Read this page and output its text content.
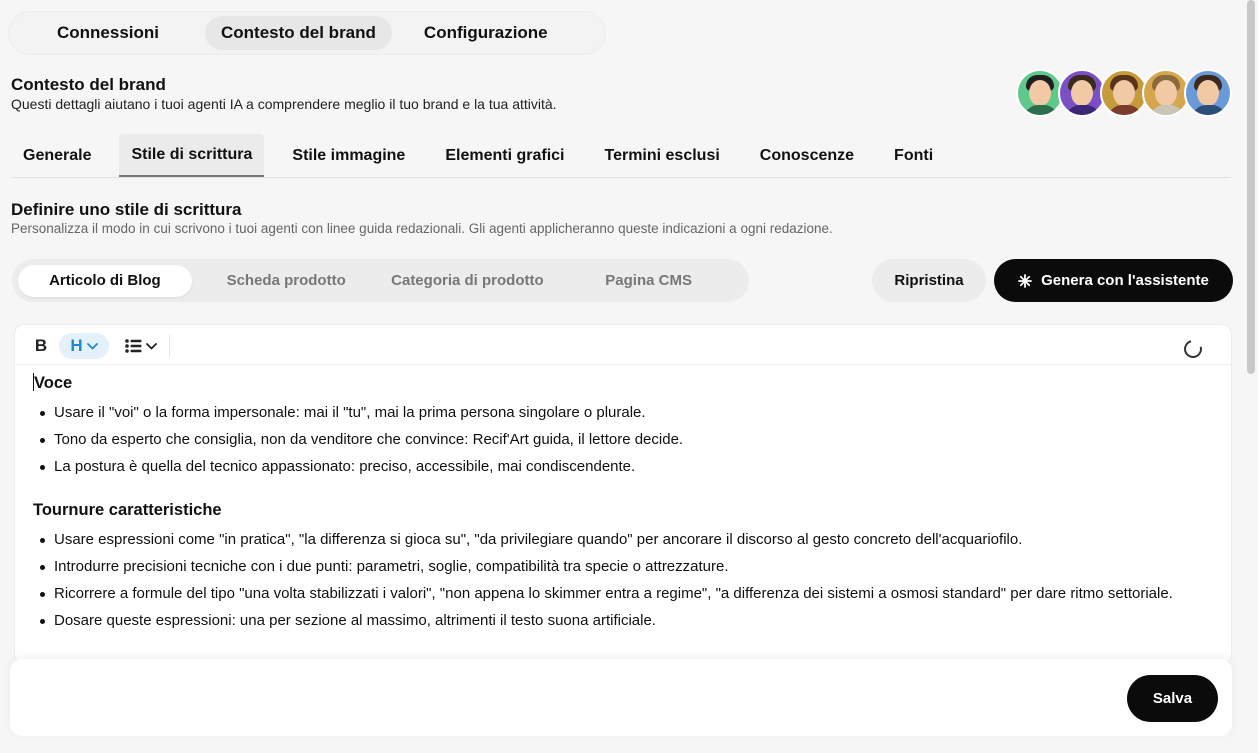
Connessioni	Contesto del brand	Configurazione
Contesto del brand
Questi dettagli aiutano i tuoi agenti IA a comprendere meglio il tuo brand e la tua attività.
Generale	Stile di scrittura	Stile immagine	Elementi grafici	Termini esclusi	Conoscenze	Fonti
Definire uno stile di scrittura
Personalizza il modo in cui scrivono i tuoi agenti con linee guida redazionali. Gli agenti applicheranno queste indicazioni a ogni redazione.
Articolo di Blog	Scheda prodotto	Categoria di prodotto	Pagina CMS	Ripristina	Genera con l'assistente
B H
Voce
Usare il "voi" o la forma impersonale: mai il "tu", mai la prima persona singolare o plurale.
Tono da esperto che consiglia, non da venditore che convince: Recif'Art guida, il lettore decide.
La postura è quella del tecnico appassionato: preciso, accessibile, mai condiscendente.
Tournure caratteristiche
Usare espressioni come "in pratica", "la differenza si gioca su", "da privilegiare quando" per ancorare il discorso al gesto concreto dell'acquariofilo.
Introdurre precisioni tecniche con i due punti: parametri, soglie, compatibilità tra specie o attrezzature.
Ricorrere a formule del tipo "una volta stabilizzati i valori", "non appena lo skimmer entra a regime", "a differenza dei sistemi a osmosi standard" per dare ritmo settoriale.
Dosare queste espressioni: una per sezione al massimo, altrimenti il testo suona artificiale.
Salva
